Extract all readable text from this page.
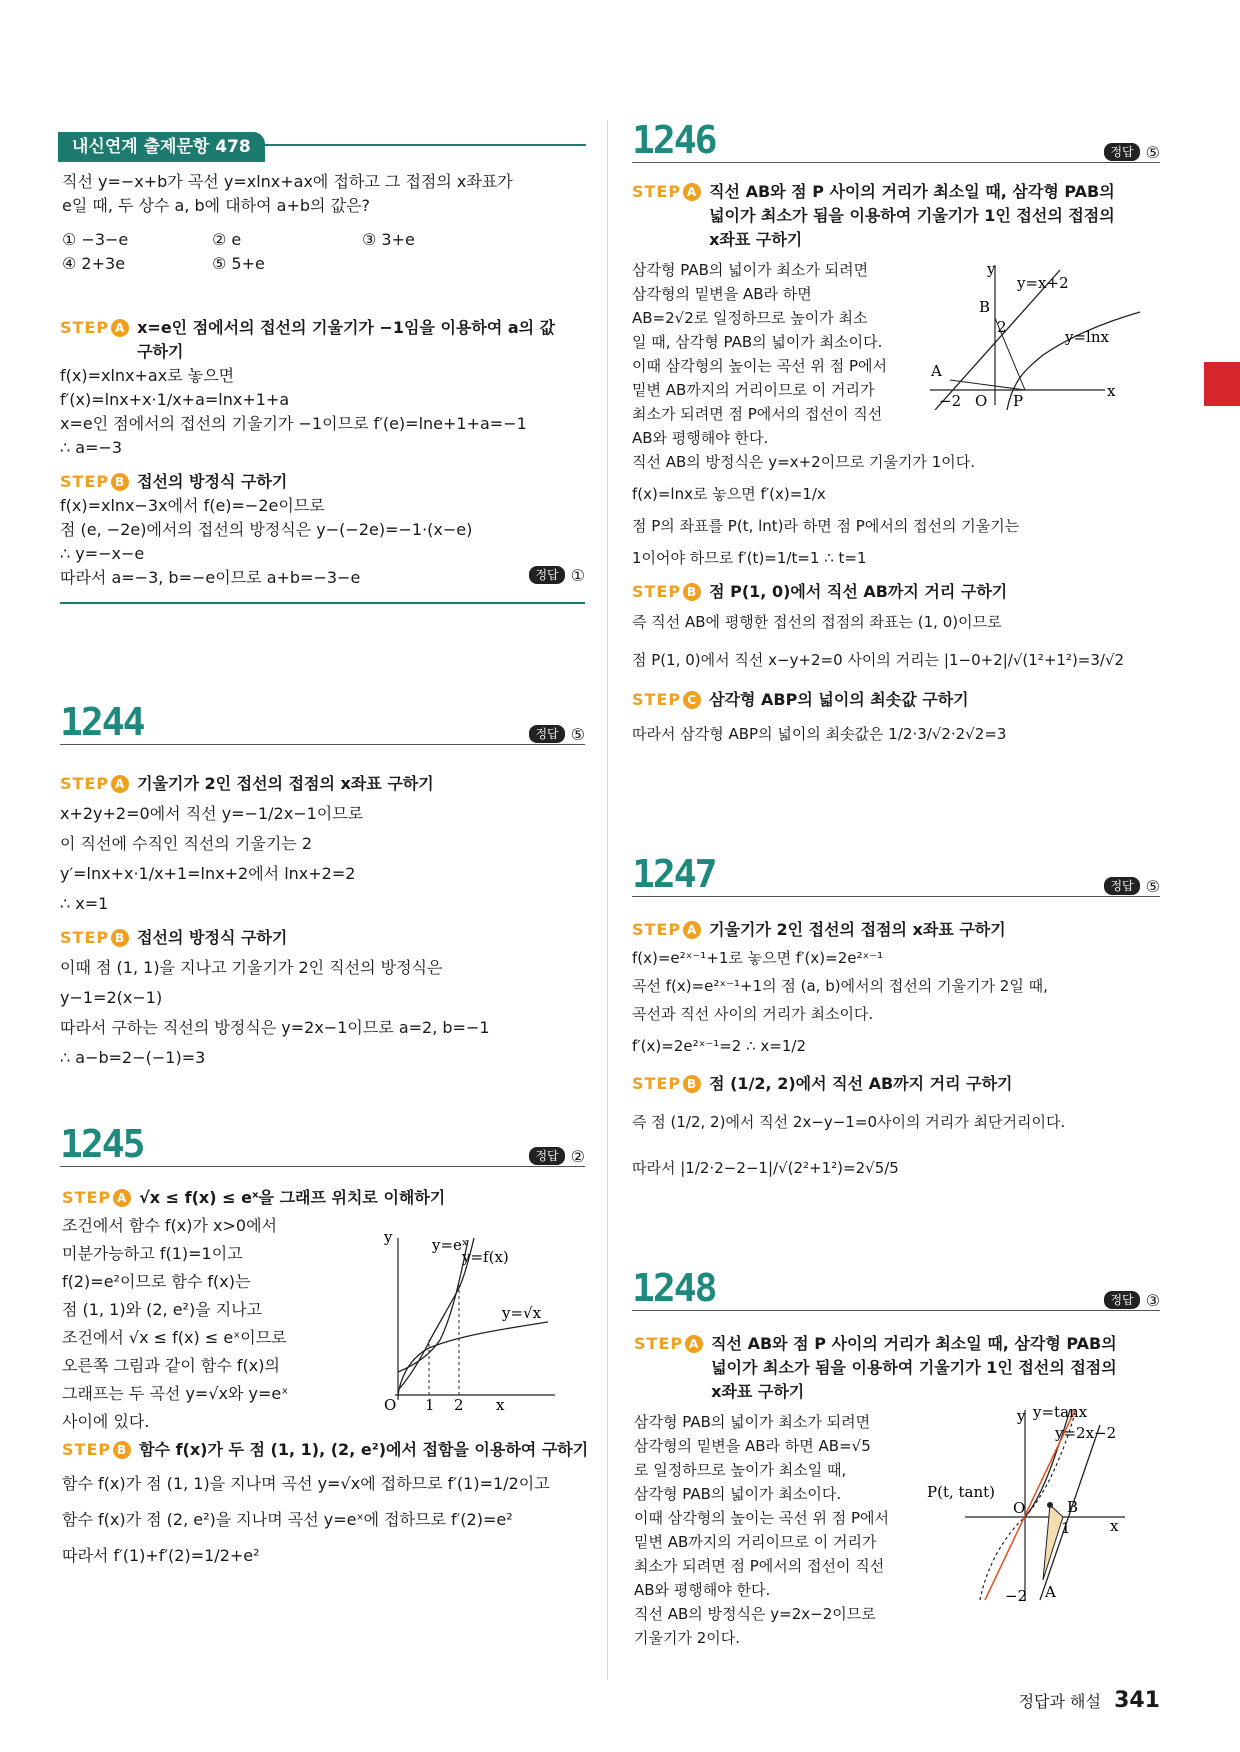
내신연계 출제문항 478
직선 y=−x+b가 곡선 y=xlnx+ax에 접하고 그 접점의 x좌표가
e일 때, 두 상수 a, b에 대하여 a+b의 값은?
① −3−e	② e	③ 3+e
④ 2+3e	⑤ 5+e
STEP A x=e인 점에서의 접선의 기울기가 −1임을 이용하여 a의 값 구하기
f(x)=xlnx+ax로 놓으면
f′(x)=lnx+x·1/x+a=lnx+1+a
x=e인 점에서의 접선의 기울기가 −1이므로 f′(e)=lne+1+a=−1
∴ a=−3
STEP B 접선의 방정식 구하기
f(x)=xlnx−3x에서 f(e)=−2e이므로
점 (e, −2e)에서의 접선의 방정식은 y−(−2e)=−1·(x−e)
∴ y=−x−e
따라서 a=−3, b=−e이므로 a+b=−3−e	정답 ①
1244	정답 ⑤
STEP A 기울기가 2인 접선의 접점의 x좌표 구하기
x+2y+2=0에서 직선 y=−1/2x−1이므로
이 직선에 수직인 직선의 기울기는 2
y′=lnx+x·1/x+1=lnx+2에서 lnx+2=2
∴ x=1
STEP B 접선의 방정식 구하기
이때 점 (1, 1)을 지나고 기울기가 2인 직선의 방정식은
y−1=2(x−1)
따라서 구하는 직선의 방정식은 y=2x−1이므로 a=2, b=−1
∴ a−b=2−(−1)=3
1245	정답 ②
STEP A √x ≤ f(x) ≤ eˣ을 그래프 위치로 이해하기
조건에서 함수 f(x)가 x>0에서
미분가능하고 f(1)=1이고
f(2)=e²이므로 함수 f(x)는
점 (1, 1)와 (2, e²)을 지나고
조건에서 √x ≤ f(x) ≤ eˣ이므로
오른쪽 그림과 같이 함수 f(x)의
그래프는 두 곡선 y=√x와 y=eˣ
사이에 있다.
STEP B 함수 f(x)가 두 점 (1, 1), (2, e²)에서 접함을 이용하여 구하기
함수 f(x)가 점 (1, 1)을 지나며 곡선 y=√x에 접하므로 f′(1)=1/2이고
함수 f(x)가 점 (2, e²)을 지나며 곡선 y=eˣ에 접하므로 f′(2)=e²
따라서 f′(1)+f′(2)=1/2+e²
y
x
O 1 2
y=eˣ
y=f(x)
y=√x
1246	정답 ⑤
STEP A 직선 AB와 점 P 사이의 거리가 최소일 때, 삼각형 PAB의 넓이가 최소가 됨을 이용하여 기울기가 1인 접선의 접점의 x좌표 구하기
삼각형 PAB의 넓이가 최소가 되려면
삼각형의 밑변을 AB라 하면
AB=2√2로 일정하므로 높이가 최소
일 때, 삼각형 PAB의 넓이가 최소이다.
이때 삼각형의 높이는 곡선 위 점 P에서
밑변 AB까지의 거리이므로 이 거리가
최소가 되려면 점 P에서의 접선이 직선
AB와 평행해야 한다.
직선 AB의 방정식은 y=x+2이므로 기울기가 1이다.
f(x)=lnx로 놓으면 f′(x)=1/x
점 P의 좌표를 P(t, lnt)라 하면 점 P에서의 접선의 기울기는
1이어야 하므로 f′(t)=1/t=1 ∴ t=1
STEP B 점 P(1, 0)에서 직선 AB까지 거리 구하기
즉 직선 AB에 평행한 접선의 접점의 좌표는 (1, 0)이므로
점 P(1, 0)에서 직선 x−y+2=0 사이의 거리는 |1−0+2|/√(1²+1²)=3/√2
STEP C 삼각형 ABP의 넓이의 최솟값 구하기
따라서 삼각형 ABP의 넓이의 최솟값은 1/2·3/√2·2√2=3
y
x
y=x+2
y=lnx
A
B
2
O P
−2
1247	정답 ⑤
STEP A 기울기가 2인 접선의 접점의 x좌표 구하기
f(x)=e²ˣ⁻¹+1로 놓으면 f′(x)=2e²ˣ⁻¹
곡선 f(x)=e²ˣ⁻¹+1의 점 (a, b)에서의 접선의 기울기가 2일 때,
곡선과 직선 사이의 거리가 최소이다.
f′(x)=2e²ˣ⁻¹=2 ∴ x=1/2
STEP B 점 (1/2, 2)에서 직선 AB까지 거리 구하기
즉 점 (1/2, 2)에서 직선 2x−y−1=0사이의 거리가 최단거리이다.
따라서 |1/2·2−2−1|/√(2²+1²)=2√5/5
1248	정답 ③
STEP A 직선 AB와 점 P 사이의 거리가 최소일 때, 삼각형 PAB의 넓이가 최소가 됨을 이용하여 기울기가 1인 접선의 접점의 x좌표 구하기
삼각형 PAB의 넓이가 최소가 되려면
삼각형의 밑변을 AB라 하면 AB=√5
로 일정하므로 높이가 최소일 때,
삼각형 PAB의 넓이가 최소이다.
이때 삼각형의 높이는 곡선 위 점 P에서
밑변 AB까지의 거리이므로 이 거리가
최소가 되려면 점 P에서의 접선이 직선
AB와 평행해야 한다.
직선 AB의 방정식은 y=2x−2이므로
기울기가 2이다.
y
x
y=tanx
y=2x−2
P(t, tant)
O	B
1
−2 A
정답과 해설 341
